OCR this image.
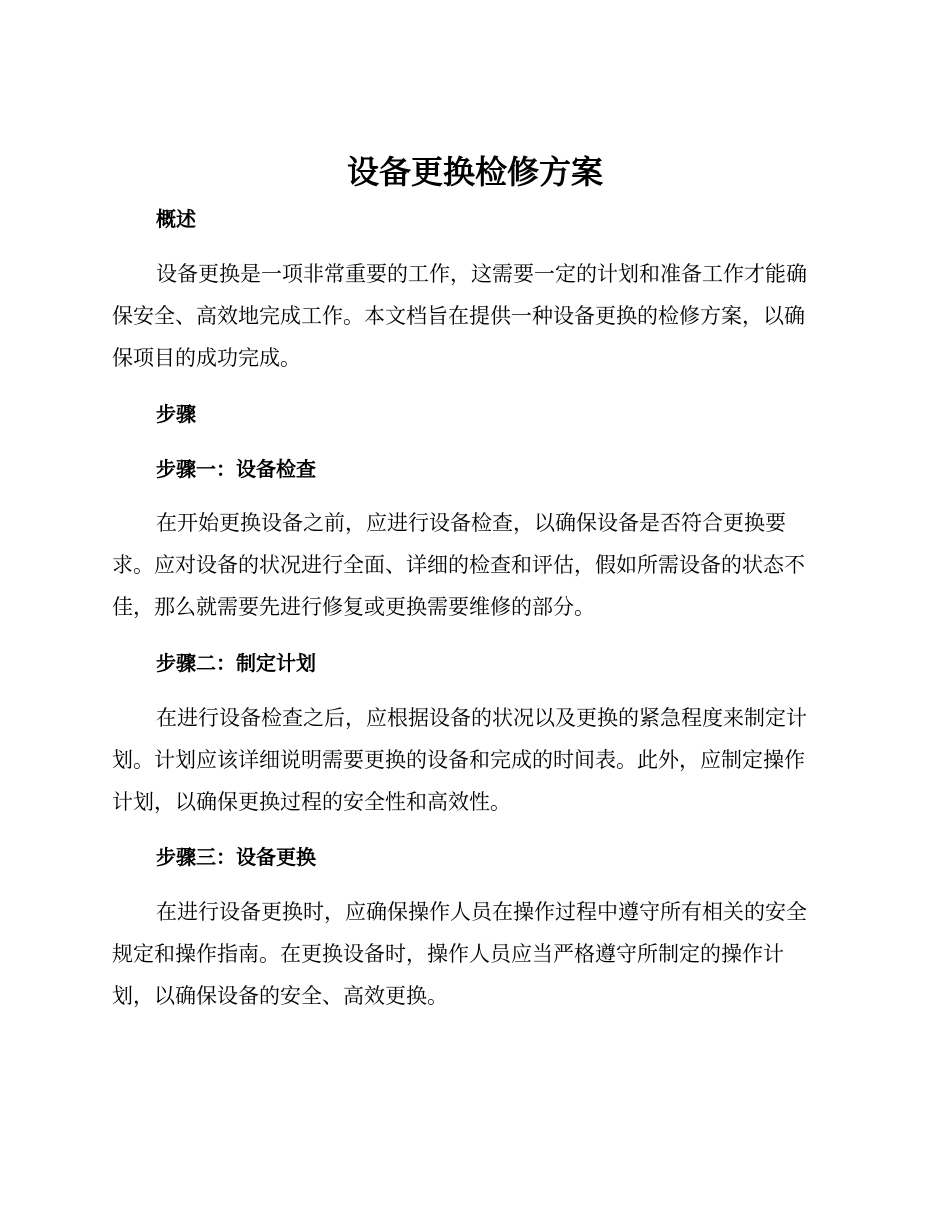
设备更换检修方案
概述

设备更换是一项非常重要的工作，这需要一定的计划和准备工作才能确
保安全、高效地完成工作。本文档旨在提供一种设备更换的检修方案，以确
保项目的成功完成。

步骤
步骤一：设备检查

在开始更换设备之前，应进行设备检查，以确保设备是否符合更换要
求。应对设备的状况进行全面、详细的检查和评估，假如所需设备的状态不
佳，那么就需要先进行修复或更换需要维修的部分。

步骤二：制定计划

在进行设备检查之后，应根据设备的状况以及更换的紧急程度来制定计
划。计划应该详细说明需要更换的设备和完成的时间表。此外，应制定操作
计划，以确保更换过程的安全性和高效性。

步骤三：设备更换

在进行设备更换时，应确保操作人员在操作过程中遵守所有相关的安全
规定和操作指南。在更换设备时，操作人员应当严格遵守所制定的操作计
划，以确保设备的安全、高效更换。
